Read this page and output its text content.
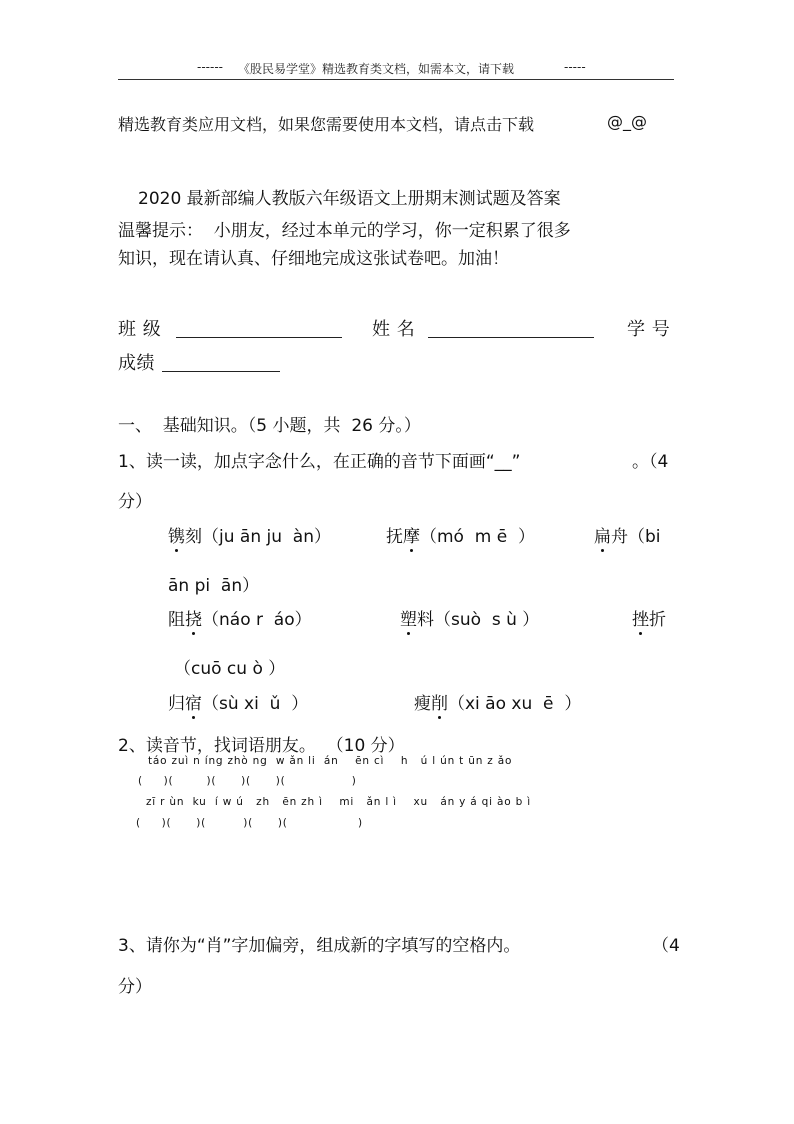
------ 《股民易学堂》精选教育类文档，如需本文，请下载	-----
精选教育类应用文档，如果您需要使用本文档，请点击下载	@_@
2020 最新部编人教版六年级语文上册期末测试题及答案
温馨提示：  小朋友，经过本单元的学习，你一定积累了很多
知识，现在请认真、仔细地完成这张试卷吧。加油！
班 级	姓 名	学 号
成绩
一、  基础知识。（5 小题，共  26 分。）
1、读一读，加点字念什么，在正确的音节下面画“__”	。（4
分）
镌刻（ju ān ju  àn）	抚摩（mó  m ē  ）	扁舟（bi
ān pi  ān）
阻挠（náo r  áo）	塑料（suò  s ù ）	挫折
（cuō cu ò ）
归宿（sù xi  ǔ  ）	瘦削（xi āo xu  ē  ）
2、读音节，找词语朋友。  （10 分）
táo zuì n íng zhò ng  w ǎn li  án    ēn cì    h   ú l ún t ūn z ǎo
(     )(        )(      )(      )(                )
zī r ùn  ku  í w ú   zh   ēn zh ì    mi   ǎn l ì    xu   án y á qi ào b ì
(     )(      )(         )(      )(                 )
3、请你为“肖”字加偏旁，组成新的字填写的空格内。	（4
分）
